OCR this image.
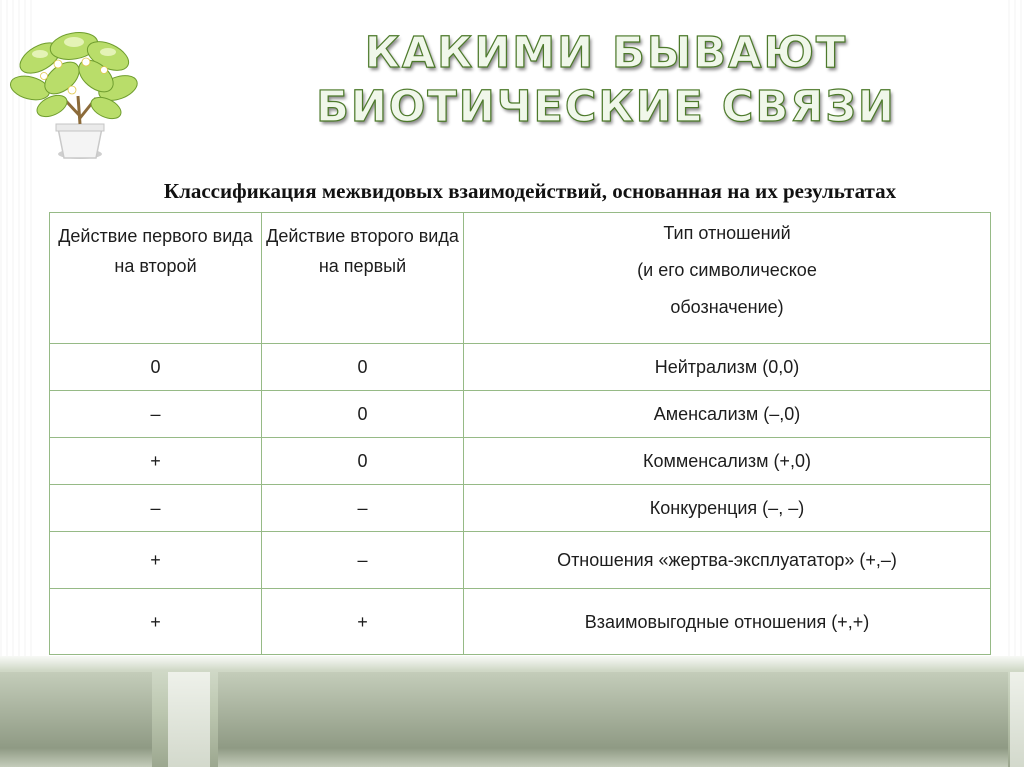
КАКИМИ БЫВАЮТ
БИОТИЧЕСКИЕ СВЯЗИ
Классификация межвидовых взаимодействий, основанная на их результатах
Действие первого вида на второй	Действие второго вида на первый	Тип отношений
(и его символическое
обозначение)

0	0	Нейтрализм (0,0)
–	0	Аменсализм (–,0)
+	0	Комменсализм (+,0)
–	–	Конкуренция (–, –)
+	–	Отношения «жертва-эксплуататор» (+,–)
+	+	Взаимовыгодные отношения (+,+)
